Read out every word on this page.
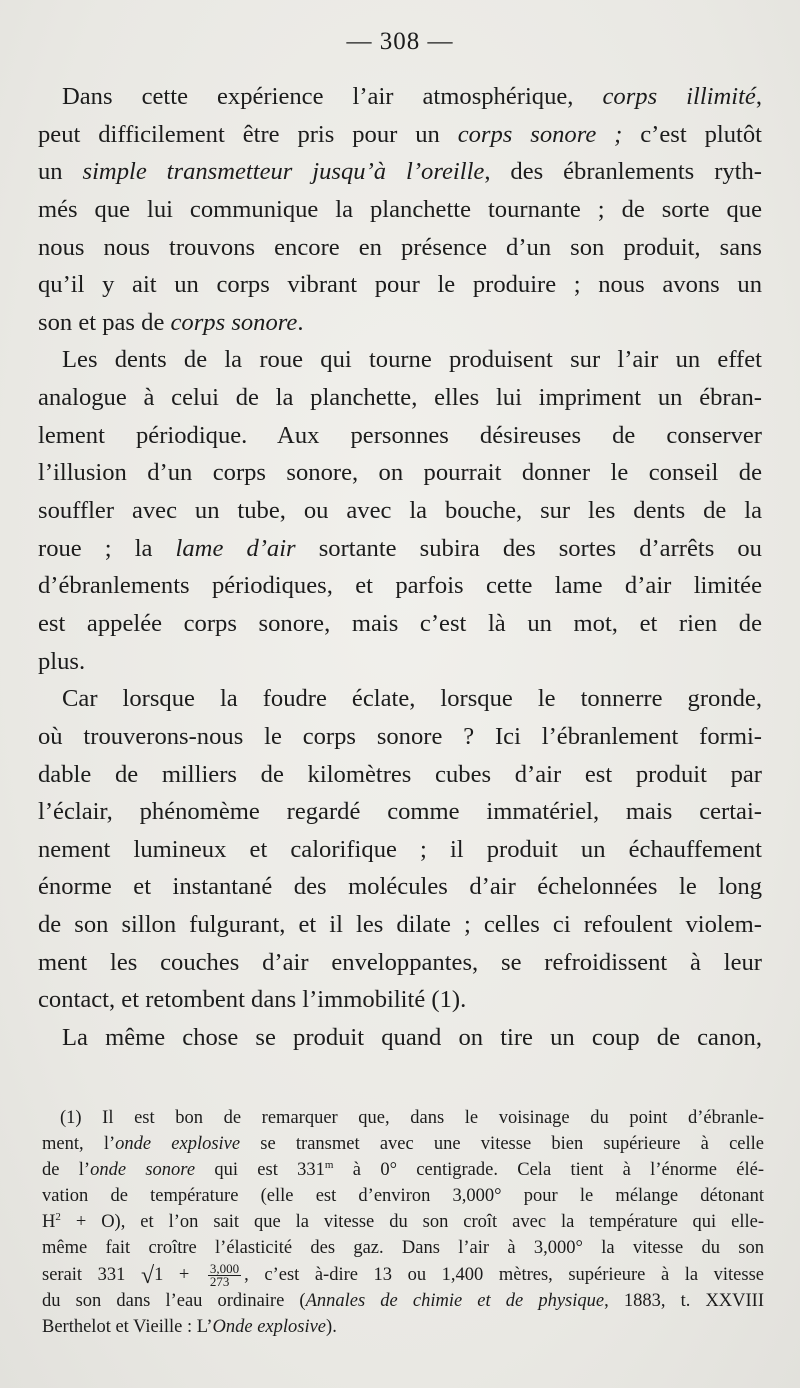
— 308 —
Dans cette expérience l’air atmosphérique, corps illimité,
peut difficilement être pris pour un corps sonore ; c’est plutôt
un simple transmetteur jusqu’à l’oreille, des ébranlements ryth-
més que lui communique la planchette tournante ; de sorte que
nous nous trouvons encore en présence d’un son produit, sans
qu’il y ait un corps vibrant pour le produire ; nous avons un
son et pas de corps sonore.
Les dents de la roue qui tourne produisent sur l’air un effet
analogue à celui de la planchette, elles lui impriment un ébran-
lement périodique. Aux personnes désireuses de conserver
l’illusion d’un corps sonore, on pourrait donner le conseil de
souffler avec un tube, ou avec la bouche, sur les dents de la
roue ; la lame d’air sortante subira des sortes d’arrêts ou
d’ébranlements périodiques, et parfois cette lame d’air limitée
est appelée corps sonore, mais c’est là un mot, et rien de
plus.
Car lorsque la foudre éclate, lorsque le tonnerre gronde,
où trouverons-nous le corps sonore ? Ici l’ébranlement formi-
dable de milliers de kilomètres cubes d’air est produit par
l’éclair, phénomème regardé comme immatériel, mais certai-
nement lumineux et calorifique ; il produit un échauffement
énorme et instantané des molécules d’air échelonnées le long
de son sillon fulgurant, et il les dilate ; celles ci refoulent violem-
ment les couches d’air enveloppantes, se refroidissent à leur
contact, et retombent dans l’immobilité (1).
La même chose se produit quand on tire un coup de canon,
(1) Il est bon de remarquer que, dans le voisinage du point d’ébranle-
ment, l’onde explosive se transmet avec une vitesse bien supérieure à celle
de l’onde sonore qui est 331$^m$ à 0° centigrade. Cela tient à l’énorme élé-
vation de température (elle est d’environ 3,000° pour le mélange détonant
$H^2 + O$), et l’on sait que la vitesse du son croît avec la température qui elle-
même fait croître l’élasticité des gaz. Dans l’air à 3,000° la vitesse du son
serait 331 $√1 + \frac{3,000}{273}$ , c’est à-dire 13 ou 1,400 mètres, supérieure à la vitesse
du son dans l’eau ordinaire (Annales de chimie et de physique, 1883, t. XXVIII
Berthelot et Vieille : L’Onde explosive).
